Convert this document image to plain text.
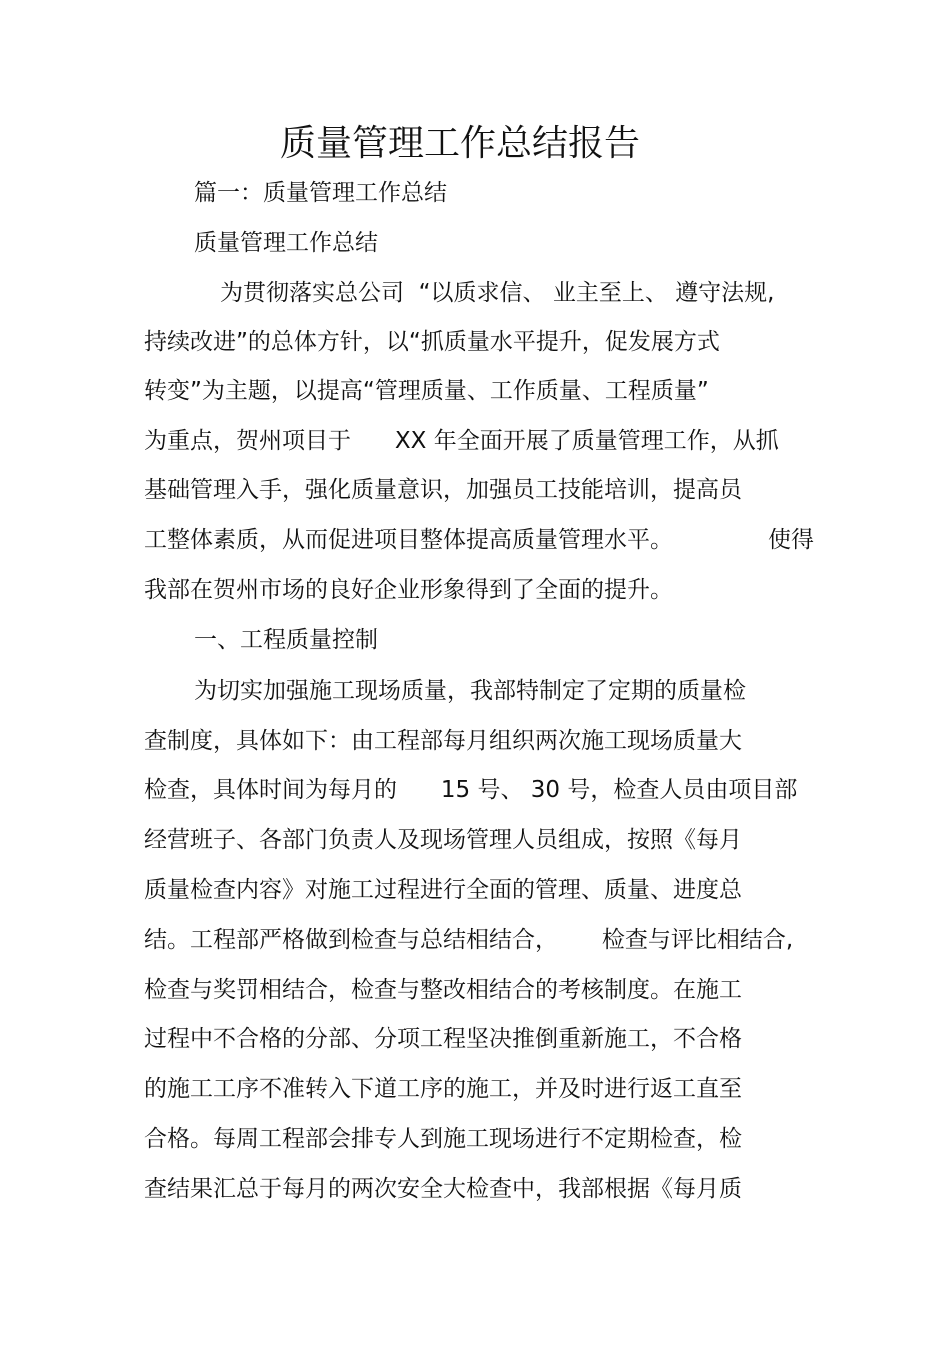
质量管理工作总结报告
篇一：质量管理工作总结
质量管理工作总结
为贯彻落实总公司  “以质求信、 业主至上、 遵守法规,
持续改进”的总体方针，以“抓质量水平提升，促发展方式
转变”为主题，以提高“管理质量、工作质量、工程质量”
为重点，贺州项目于      XX 年全面开展了质量管理工作，从抓
基础管理入手，强化质量意识，加强员工技能培训，提高员
工整体素质，从而促进项目整体提高质量管理水平。             使得
我部在贺州市场的良好企业形象得到了全面的提升。
一、工程质量控制
为切实加强施工现场质量，我部特制定了定期的质量检
查制度，具体如下：由工程部每月组织两次施工现场质量大
检查，具体时间为每月的      15 号、 30 号，检查人员由项目部
经营班子、各部门负责人及现场管理人员组成，按照《每月
质量检查内容》对施工过程进行全面的管理、质量、进度总
结。工程部严格做到检查与总结相结合，      检查与评比相结合,
检查与奖罚相结合，检查与整改相结合的考核制度。在施工
过程中不合格的分部、分项工程坚决推倒重新施工，不合格
的施工工序不准转入下道工序的施工，并及时进行返工直至
合格。每周工程部会排专人到施工现场进行不定期检查，检
查结果汇总于每月的两次安全大检查中，我部根据《每月质
